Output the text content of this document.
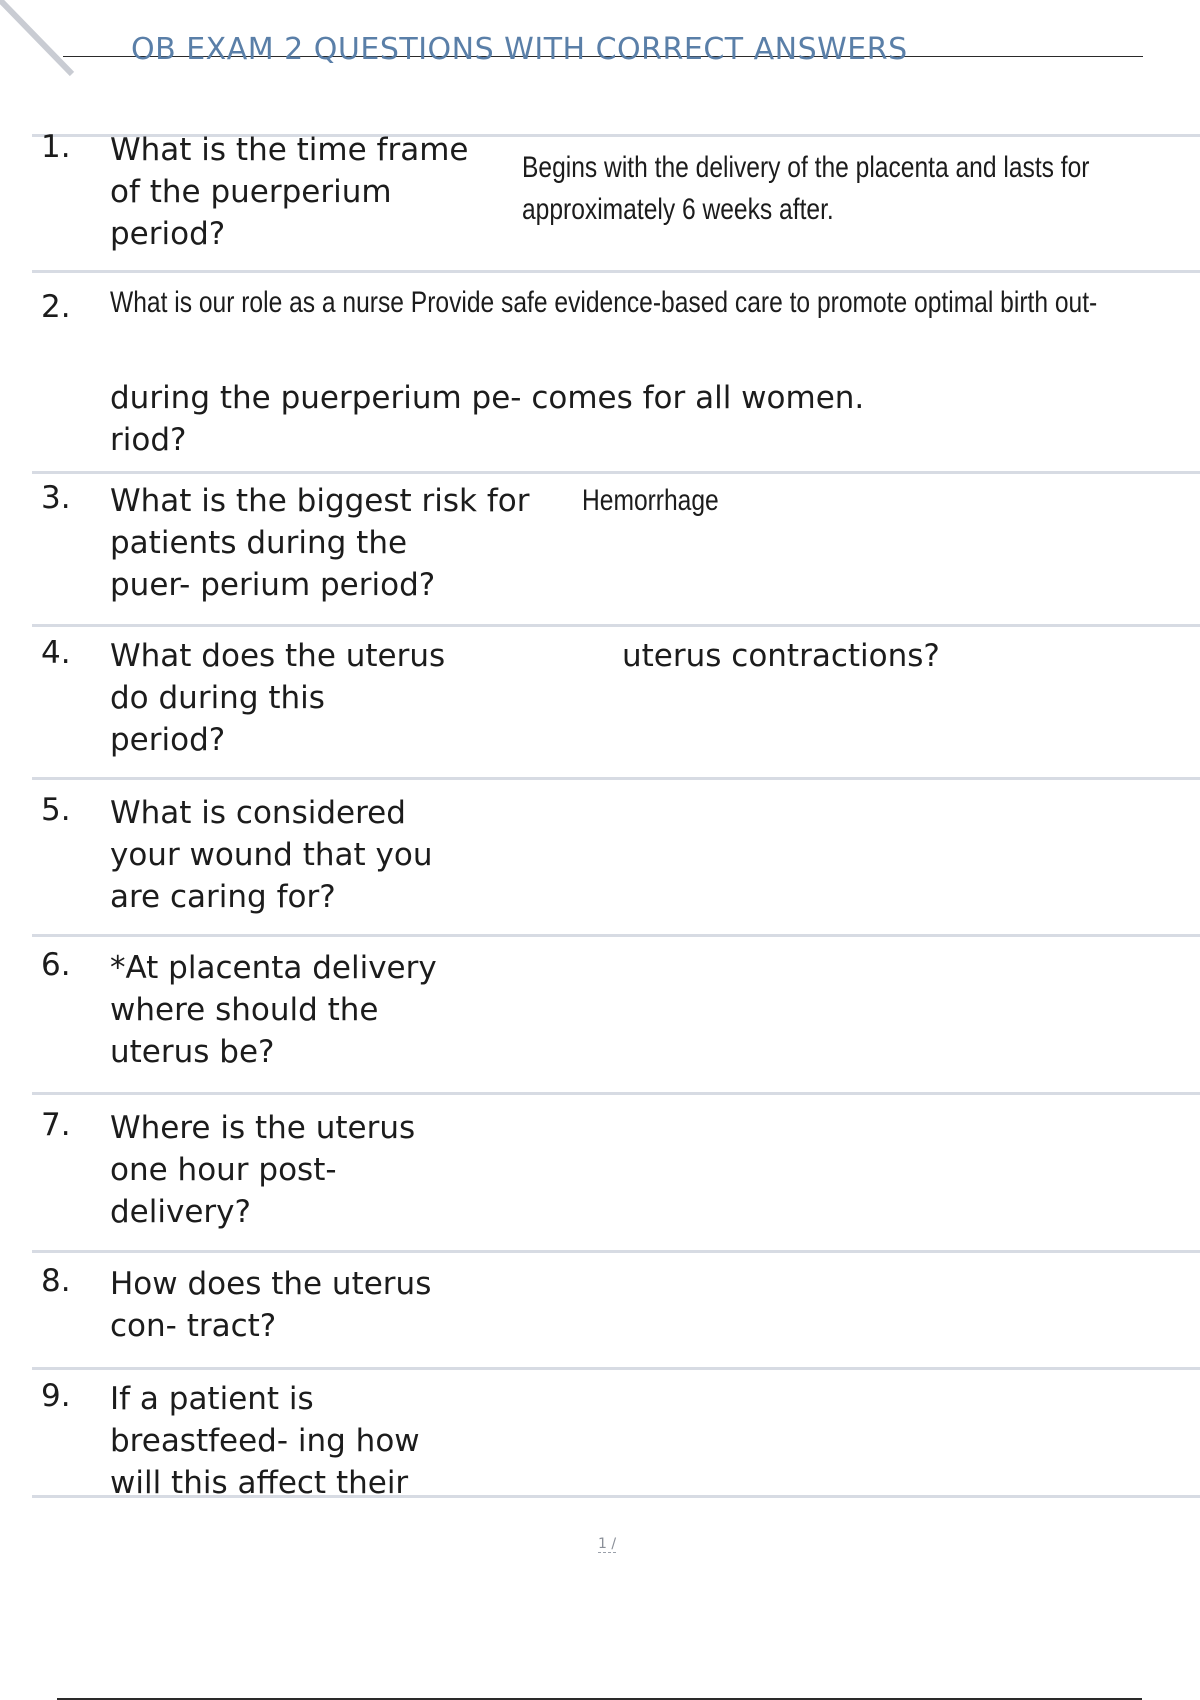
OB EXAM 2 QUESTIONS WITH CORRECT ANSWERS
1. What is the time frame
of the puerperium
period?
Begins with the delivery of the placenta and lasts for
approximately 6 weeks after.
2. What is our role as a nurse Provide safe evidence-based care to promote optimal birth out-
during the puerperium pe- comes for all women.
riod?
3. What is the biggest risk for
patients during the
puer- perium period?
Hemorrhage
4. What does the uterus
do during this
period?
uterus contractions?
5. What is considered
your wound that you
are caring for?
6. *At placenta delivery
where should the
uterus be?
7. Where is the uterus
one hour post-
delivery?
8. How does the uterus
con- tract?
9. If a patient is
breastfeed- ing how
will this affect their
1 /
